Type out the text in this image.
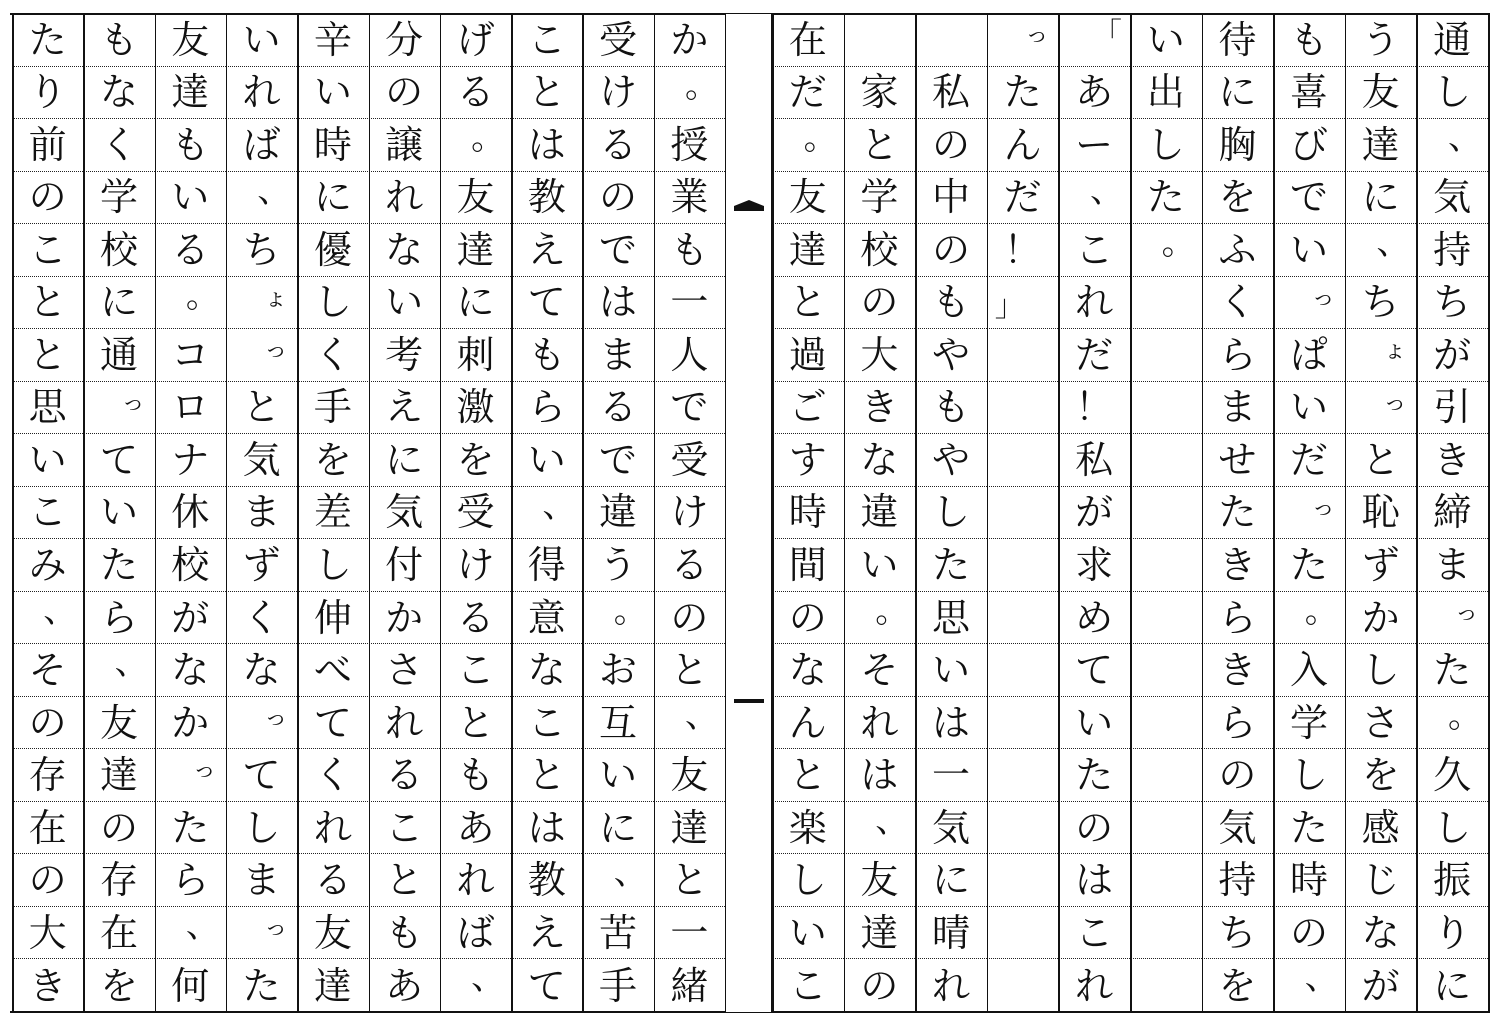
通
し
、
気
持
ち
が
引
き
締
ま
っ
た
。
久
し
振
り
に
う
友
達
に
、
ち
ょ
っ
と
恥
ず
か
し
さ
を
感
じ
な
が
も
喜
び
で
い
っ
ぱ
い
だ
っ
た
。
入
学
し
た
時
の
、
待
に
胸
を
ふ
く
ら
ま
せ
た
き
ら
き
ら
の
気
持
ち
を
い
出
し
た
。
「
あ
ー
、
こ
れ
だ
！
私
が
求
め
て
い
た
の
は
こ
れ
っ
た
ん
だ
！
」
私
の
中
の
も
や
も
や
し
た
思
い
は
一
気
に
晴
れ
家
と
学
校
の
大
き
な
違
い
。
そ
れ
は
、
友
達
の
在
だ
。
友
達
と
過
ご
す
時
間
の
な
ん
と
楽
し
い
こ
か
。
授
業
も
一
人
で
受
け
る
の
と
、
友
達
と
一
緒
受
け
る
の
で
は
ま
る
で
違
う
。
お
互
い
に
、
苦
手
こ
と
は
教
え
て
も
ら
い
、
得
意
な
こ
と
は
教
え
て
げ
る
。
友
達
に
刺
激
を
受
け
る
こ
と
も
あ
れ
ば
、
分
の
譲
れ
な
い
考
え
に
気
付
か
さ
れ
る
こ
と
も
あ
辛
い
時
に
優
し
く
手
を
差
し
伸
べ
て
く
れ
る
友
達
い
れ
ば
、
ち
ょ
っ
と
気
ま
ず
く
な
っ
て
し
ま
っ
た
友
達
も
い
る
。
コ
ロ
ナ
休
校
が
な
か
っ
た
ら
、
何
も
な
く
学
校
に
通
っ
て
い
た
ら
、
友
達
の
存
在
を
た
り
前
の
こ
と
と
思
い
こ
み
、
そ
の
存
在
の
大
き
